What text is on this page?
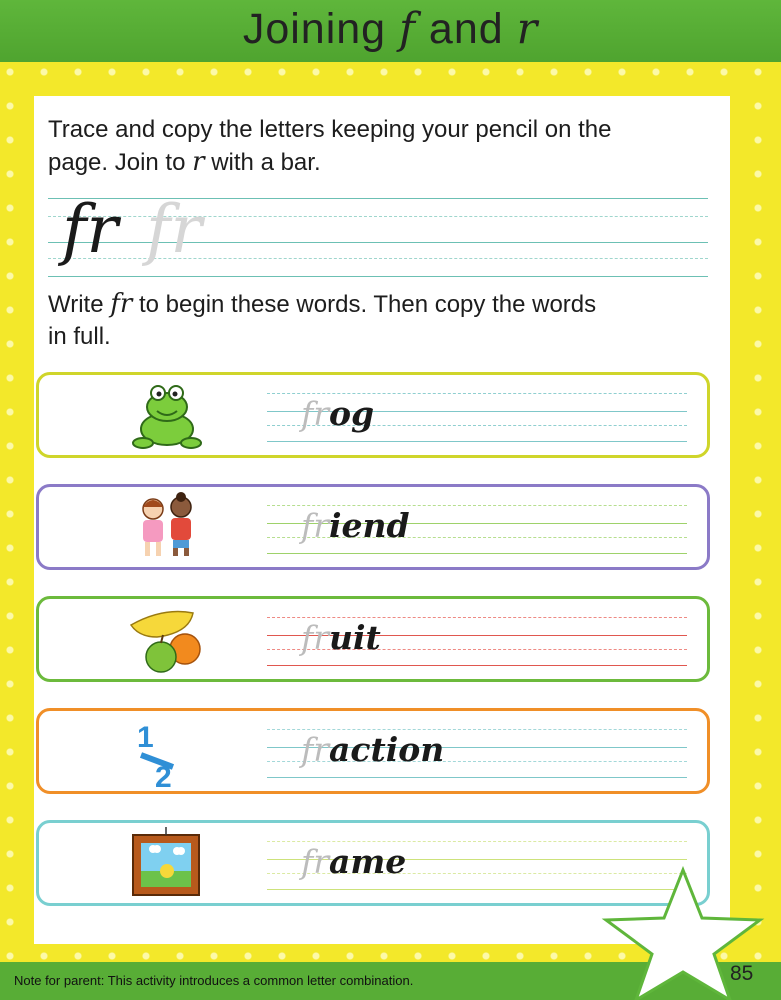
Joining f and r
Trace and copy the letters keeping your pencil on the
page. Join to r with a bar.
fr fr
Write fr to begin these words. Then copy the words
in full.
frog
friend
fruit
1
2
fraction
frame
Note for parent: This activity introduces a common letter combination.	85
